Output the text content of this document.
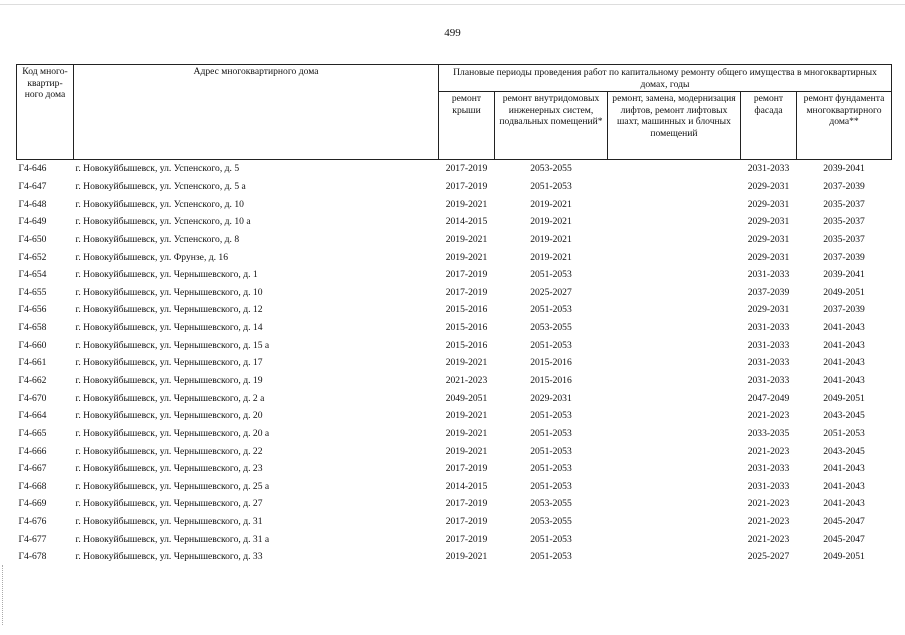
499
Код много-квартир-ного дома	Адрес многоквартирного дома	Плановые периоды проведения работ по капитальному ремонту общего имущества в многоквартирных домах, годы				
		ремонт крыши	ремонт внутридомовых инженерных систем, подвальных помещений*	ремонт, замена, модернизация лифтов, ремонт лифтовых шахт, машинных и блочных помещений	ремонт фасада	ремонт фундамента многоквартирного дома**
Г4-646	г. Новокуйбышевск, ул. Успенского, д. 5	2017-2019	2053-2055		2031-2033	2039-2041
Г4-647	г. Новокуйбышевск, ул. Успенского, д. 5 а	2017-2019	2051-2053		2029-2031	2037-2039
Г4-648	г. Новокуйбышевск, ул. Успенского, д. 10	2019-2021	2019-2021		2029-2031	2035-2037
Г4-649	г. Новокуйбышевск, ул. Успенского, д. 10 а	2014-2015	2019-2021		2029-2031	2035-2037
Г4-650	г. Новокуйбышевск, ул. Успенского, д. 8	2019-2021	2019-2021		2029-2031	2035-2037
Г4-652	г. Новокуйбышевск, ул. Фрунзе, д. 16	2019-2021	2019-2021		2029-2031	2037-2039
Г4-654	г. Новокуйбышевск, ул. Чернышевского, д. 1	2017-2019	2051-2053		2031-2033	2039-2041
Г4-655	г. Новокуйбышевск, ул. Чернышевского, д. 10	2017-2019	2025-2027		2037-2039	2049-2051
Г4-656	г. Новокуйбышевск, ул. Чернышевского, д. 12	2015-2016	2051-2053		2029-2031	2037-2039
Г4-658	г. Новокуйбышевск, ул. Чернышевского, д. 14	2015-2016	2053-2055		2031-2033	2041-2043
Г4-660	г. Новокуйбышевск, ул. Чернышевского, д. 15 а	2015-2016	2051-2053		2031-2033	2041-2043
Г4-661	г. Новокуйбышевск, ул. Чернышевского, д. 17	2019-2021	2015-2016		2031-2033	2041-2043
Г4-662	г. Новокуйбышевск, ул. Чернышевского, д. 19	2021-2023	2015-2016		2031-2033	2041-2043
Г4-670	г. Новокуйбышевск, ул. Чернышевского, д. 2 а	2049-2051	2029-2031		2047-2049	2049-2051
Г4-664	г. Новокуйбышевск, ул. Чернышевского, д. 20	2019-2021	2051-2053		2021-2023	2043-2045
Г4-665	г. Новокуйбышевск, ул. Чернышевского, д. 20 а	2019-2021	2051-2053		2033-2035	2051-2053
Г4-666	г. Новокуйбышевск, ул. Чернышевского, д. 22	2019-2021	2051-2053		2021-2023	2043-2045
Г4-667	г. Новокуйбышевск, ул. Чернышевского, д. 23	2017-2019	2051-2053		2031-2033	2041-2043
Г4-668	г. Новокуйбышевск, ул. Чернышевского, д. 25 а	2014-2015	2051-2053		2031-2033	2041-2043
Г4-669	г. Новокуйбышевск, ул. Чернышевского, д. 27	2017-2019	2053-2055		2021-2023	2041-2043
Г4-676	г. Новокуйбышевск, ул. Чернышевского, д. 31	2017-2019	2053-2055		2021-2023	2045-2047
Г4-677	г. Новокуйбышевск, ул. Чернышевского, д. 31 а	2017-2019	2051-2053		2021-2023	2045-2047
Г4-678	г. Новокуйбышевск, ул. Чернышевского, д. 33	2019-2021	2051-2053		2025-2027	2049-2051
